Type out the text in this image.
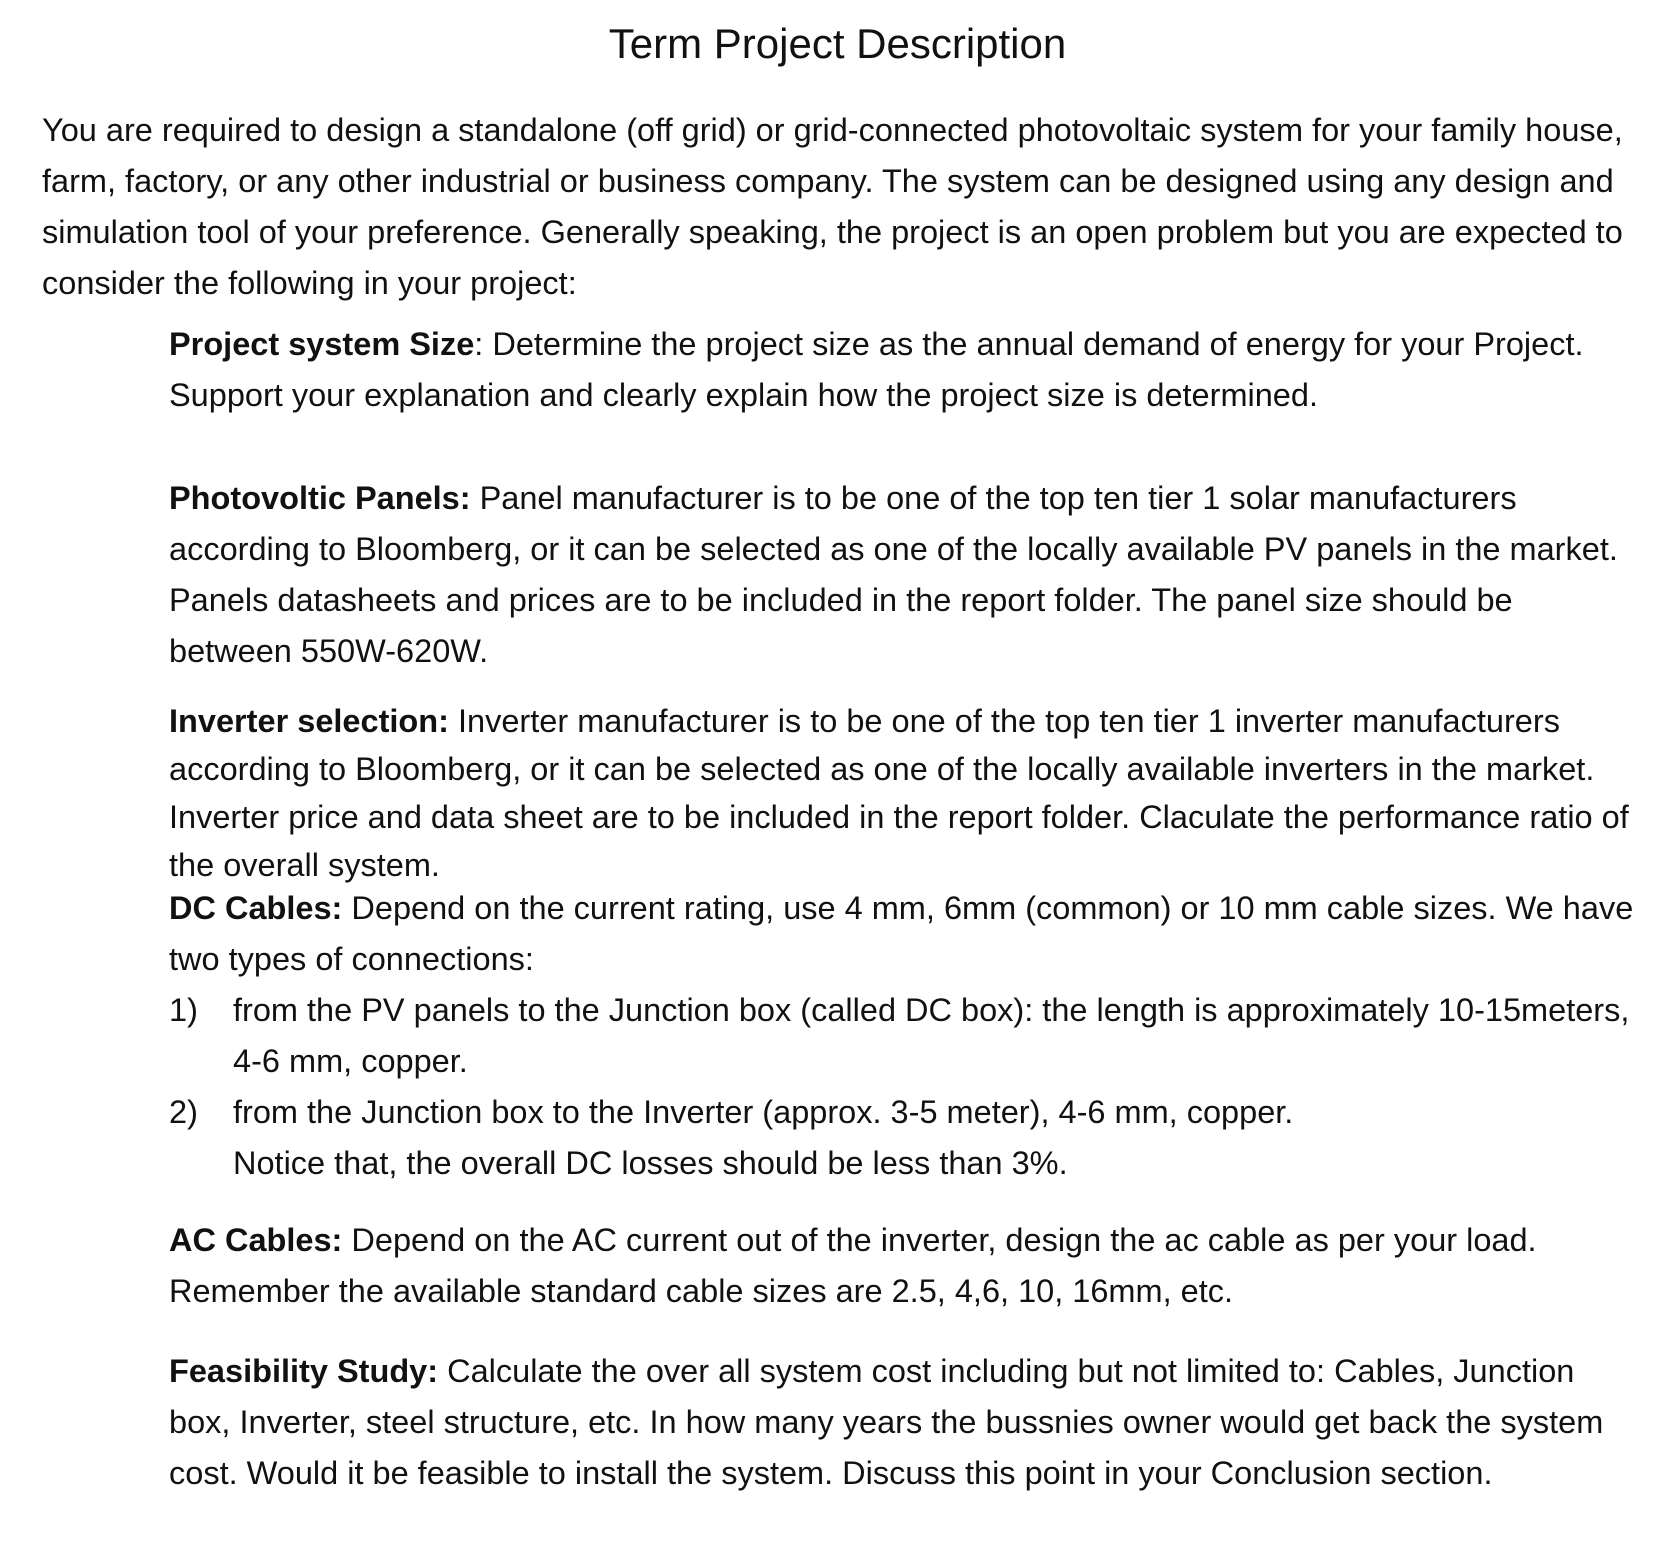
Term Project Description

You are required to design a standalone (off grid) or grid-connected photovoltaic system for your family house, farm, factory, or any other industrial or business company. The system can be designed using any design and simulation tool of your preference. Generally speaking, the project is an open problem but you are expected to consider the following in your project:

Project system Size: Determine the project size as the annual demand of energy for your Project. Support your explanation and clearly explain how the project size is determined.

Photovoltic Panels: Panel manufacturer is to be one of the top ten tier 1 solar manufacturers according to Bloomberg, or it can be selected as one of the locally available PV panels in the market. Panels datasheets and prices are to be included in the report folder. The panel size should be between 550W-620W.

Inverter selection: Inverter manufacturer is to be one of the top ten tier 1 inverter manufacturers according to Bloomberg, or it can be selected as one of the locally available inverters in the market. Inverter price and data sheet are to be included in the report folder. Claculate the performance ratio of the overall system.

DC Cables: Depend on the current rating, use 4 mm, 6mm (common) or 10 mm cable sizes. We have two types of connections:

1)	from the PV panels to the Junction box (called DC box): the length is approximately 10-15meters, 4-6 mm, copper.
2)	from the Junction box to the Inverter (approx. 3-5 meter), 4-6 mm, copper.
Notice that, the overall DC losses should be less than 3%.

AC Cables: Depend on the AC current out of the inverter, design the ac cable as per your load. Remember the available standard cable sizes are 2.5, 4,6, 10, 16mm, etc.

Feasibility Study: Calculate the over all system cost including but not limited to: Cables, Junction box, Inverter, steel structure, etc. In how many years the bussnies owner would get back the system cost. Would it be feasible to install the system. Discuss this point in your Conclusion section.
